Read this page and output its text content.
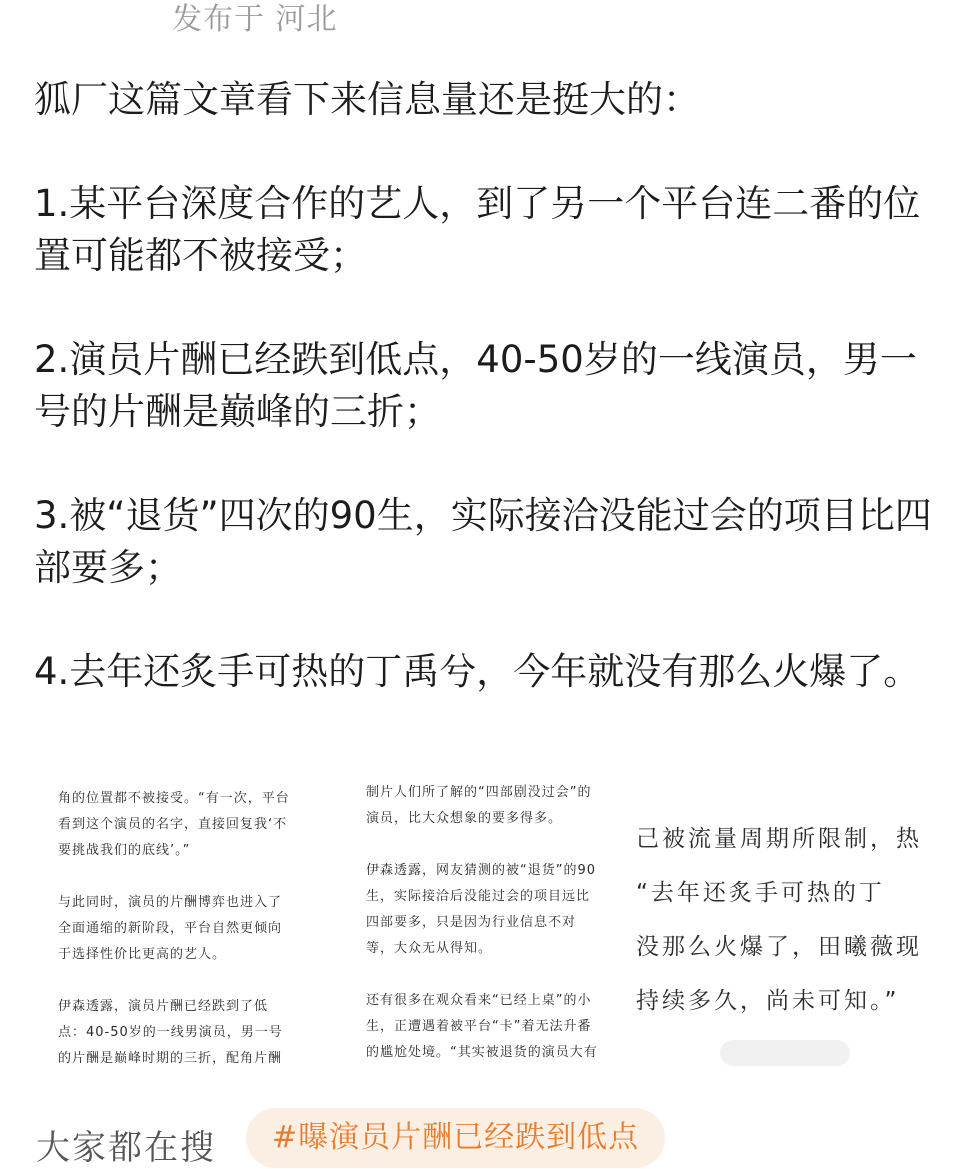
发布于 河北

狐厂这篇文章看下来信息量还是挺大的：

1.某平台深度合作的艺人，到了另一个平台连二番的位置可能都不被接受；

2.演员片酬已经跌到低点，40-50岁的一线演员，男一号的片酬是巅峰的三折；

3.被“退货”四次的90生，实际接洽没能过会的项目比四部要多；

4.去年还炙手可热的丁禹兮，今年就没有那么火爆了。

角的位置都不被接受。“有一次，平台
看到这个演员的名字，直接回复我‘不
要挑战我们的底线’。”

与此同时，演员的片酬博弈也进入了
全面通缩的新阶段，平台自然更倾向
于选择性价比更高的艺人。

伊森透露，演员片酬已经跌到了低
点：40-50岁的一线男演员，男一号
的片酬是巅峰时期的三折，配角片酬

制片人们所了解的“四部剧没过会”的
演员，比大众想象的要多得多。

伊森透露，网友猜测的被“退货”的90
生，实际接洽后没能过会的项目远比
四部要多，只是因为行业信息不对
等，大众无从得知。

还有很多在观众看来“已经上桌”的小
生，正遭遇着被平台“卡”着无法升番
的尴尬处境。“其实被退货的演员大有

己被流量周期所限制，热

“去年还炙手可热的丁

没那么火爆了，田曦薇现

持续多久，尚未可知。”

大家都在搜	#曝演员片酬已经跌到低点
